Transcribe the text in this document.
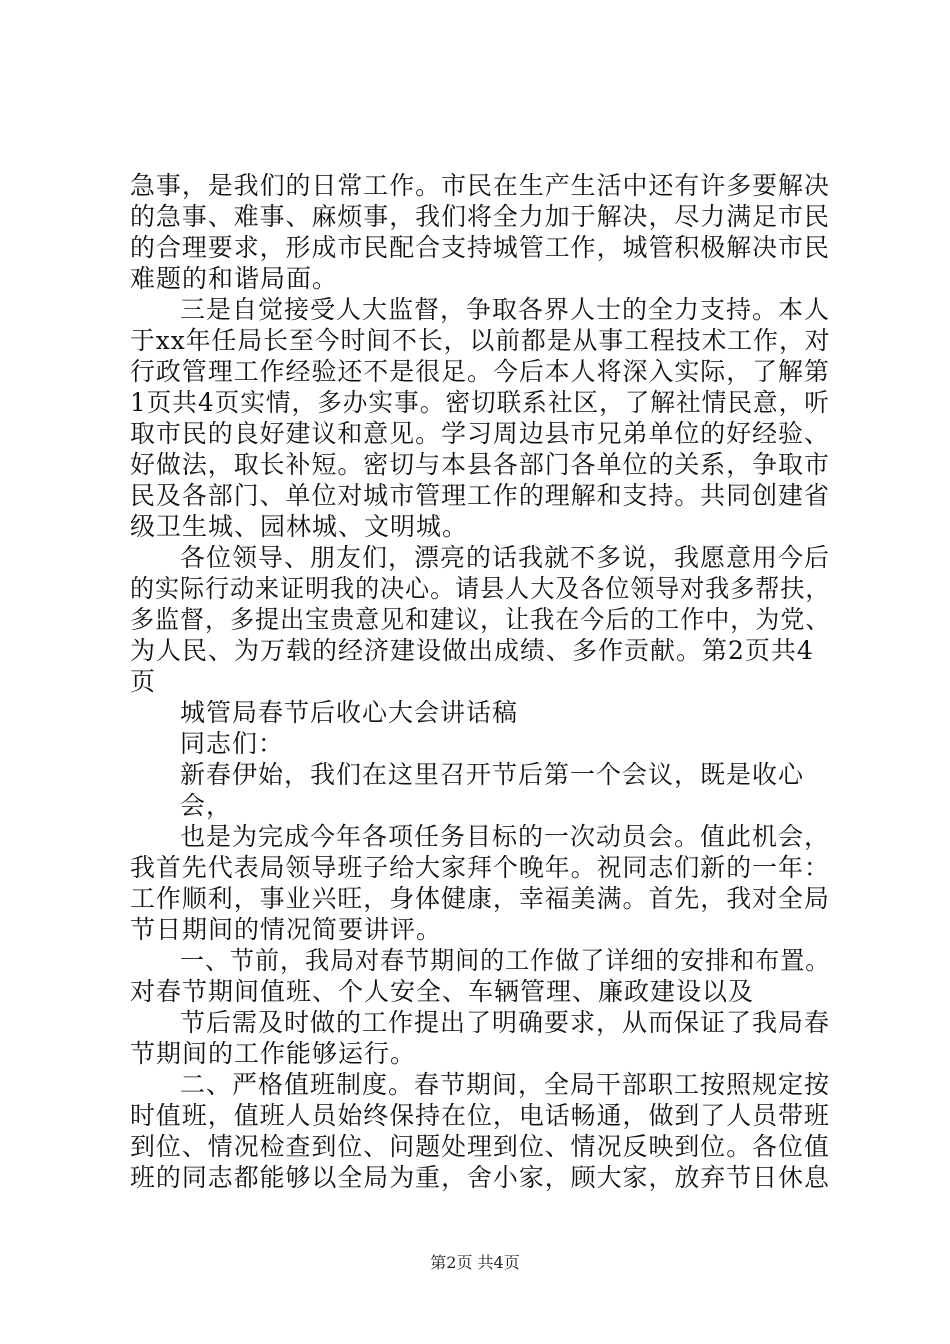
第2页 共4页
急事，是我们的日常工作。市民在生产生活中还有许多要解决
的急事、难事、麻烦事，我们将全力加于解决，尽力满足市民
的合理要求，形成市民配合支持城管工作，城管积极解决市民
难题的和谐局面。
三是自觉接受人大监督，争取各界人士的全力支持。本人
于xx年任局长至今时间不长，以前都是从事工程技术工作，对
行政管理工作经验还不是很足。今后本人将深入实际，了解第
1页共4页实情，多办实事。密切联系社区，了解社情民意，听
取市民的良好建议和意见。学习周边县市兄弟单位的好经验、
好做法，取长补短。密切与本县各部门各单位的关系，争取市
民及各部门、单位对城市管理工作的理解和支持。共同创建省
级卫生城、园林城、文明城。
各位领导、朋友们，漂亮的话我就不多说，我愿意用今后
的实际行动来证明我的决心。请县人大及各位领导对我多帮扶，
多监督，多提出宝贵意见和建议，让我在今后的工作中，为党、
为人民、为万载的经济建设做出成绩、多作贡献。第2页共4
页
城管局春节后收心大会讲话稿
同志们：
新春伊始，我们在这里召开节后第一个会议，既是收心
会，
也是为完成今年各项任务目标的一次动员会。值此机会，
我首先代表局领导班子给大家拜个晚年。祝同志们新的一年：
工作顺利，事业兴旺，身体健康，幸福美满。首先，我对全局
节日期间的情况简要讲评。
一、节前，我局对春节期间的工作做了详细的安排和布置。
对春节期间值班、个人安全、车辆管理、廉政建设以及
节后需及时做的工作提出了明确要求，从而保证了我局春
节期间的工作能够运行。
二、严格值班制度。春节期间，全局干部职工按照规定按
时值班，值班人员始终保持在位，电话畅通，做到了人员带班
到位、情况检查到位、问题处理到位、情况反映到位。各位值
班的同志都能够以全局为重，舍小家，顾大家，放弃节日休息
